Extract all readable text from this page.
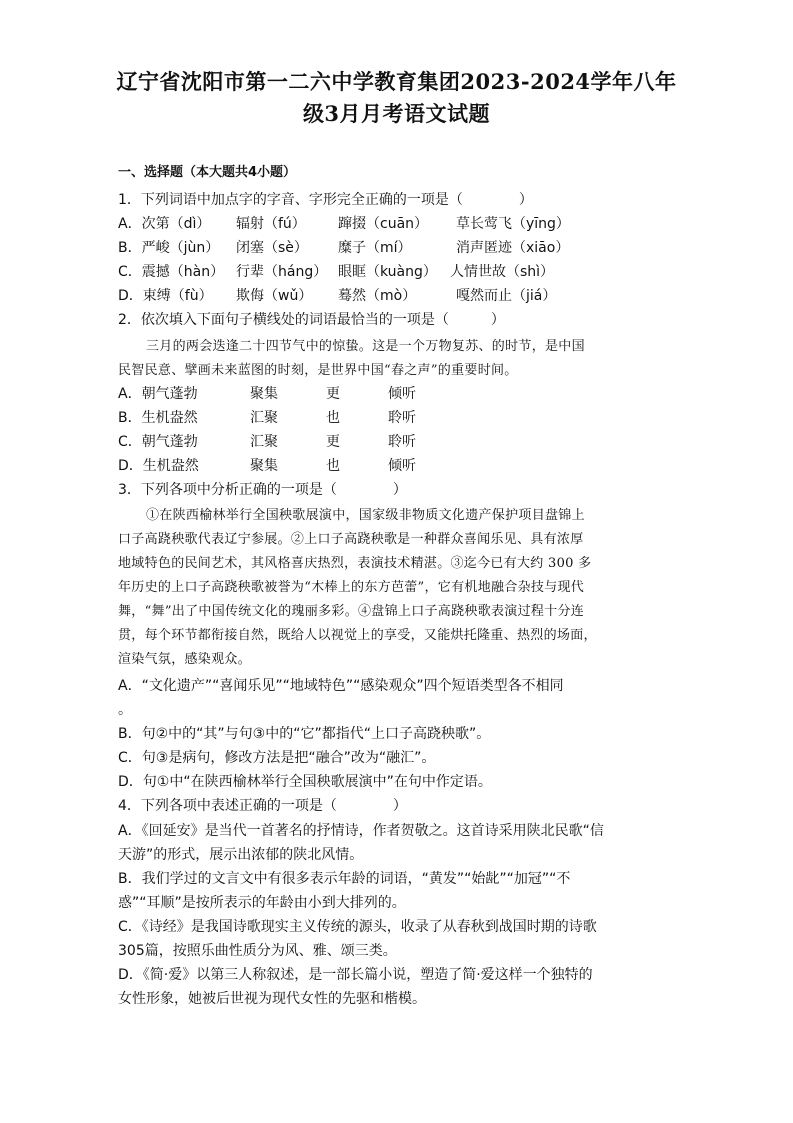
辽宁省沈阳市第一二六中学教育集团2023-2024学年八年
级3月月考语文试题
一、选择题（本大题共4小题）
1．下列词语中加点字的字音、字形完全正确的一项是（　　　　）
A．次第（dì） 辐射（fú） 蹿掇（cuān） 草长莺飞（yīng）
B．严峻（jùn） 闭塞（sè） 糜子（mí）	消声匿迹（xiāo）
C．震撼（hàn） 行辈（háng） 眼眶（kuàng） 人情世故（shì）
D．束缚（fù） 欺侮（wǔ） 蓦然（mò）	嘎然而止（jiá）
2．依次填入下面句子横线处的词语最恰当的一项是（　　　）
三月的两会迭逢二十四节气中的惊蛰。这是一个万物复苏、的时节，是中国
民智民意、擘画未来蓝图的时刻，是世界中国“春之声”的重要时间。
A．朝气蓬勃	聚集	更	倾听
B．生机盎然	汇聚	也	聆听
C．朝气蓬勃	汇聚	更	聆听
D．生机盎然	聚集	也	倾听
3．下列各项中分析正确的一项是（　　　　）
①在陕西榆林举行全国秧歌展演中，国家级非物质文化遗产保护项目盘锦上
口子高跷秧歌代表辽宁参展。②上口子高跷秧歌是一种群众喜闻乐见、具有浓厚
地域特色的民间艺术，其风格喜庆热烈，表演技术精湛。③迄今已有大约 300 多
年历史的上口子高跷秧歌被誉为“木棒上的东方芭蕾”，它有机地融合杂技与现代
舞，“舞”出了中国传统文化的瑰丽多彩。④盘锦上口子高跷秧歌表演过程十分连
贯，每个环节都衔接自然，既给人以视觉上的享受，又能烘托隆重、热烈的场面，
渲染气氛，感染观众。
A．“文化遗产”“喜闻乐见”“地域特色”“感染观众”四个短语类型各不相同
。
B．句②中的“其”与句③中的“它”都指代“上口子高跷秧歌”。
C．句③是病句，修改方法是把“融合”改为“融汇”。
D．句①中“在陕西榆林举行全国秧歌展演中”在句中作定语。
4．下列各项中表述正确的一项是（　　　　）
A．《回延安》是当代一首著名的抒情诗，作者贺敬之。这首诗采用陕北民歌“信
天游”的形式，展示出浓郁的陕北风情。
B．我们学过的文言文中有很多表示年龄的词语，“黄发”“始龀”“加冠”“不
惑”“耳顺”是按所表示的年龄由小到大排列的。
C．《诗经》是我国诗歌现实主义传统的源头，收录了从春秋到战国时期的诗歌
305篇，按照乐曲性质分为风、雅、颂三类。
D．《简·爱》以第三人称叙述，是一部长篇小说，塑造了简·爱这样一个独特的
女性形象，她被后世视为现代女性的先驱和楷模。
